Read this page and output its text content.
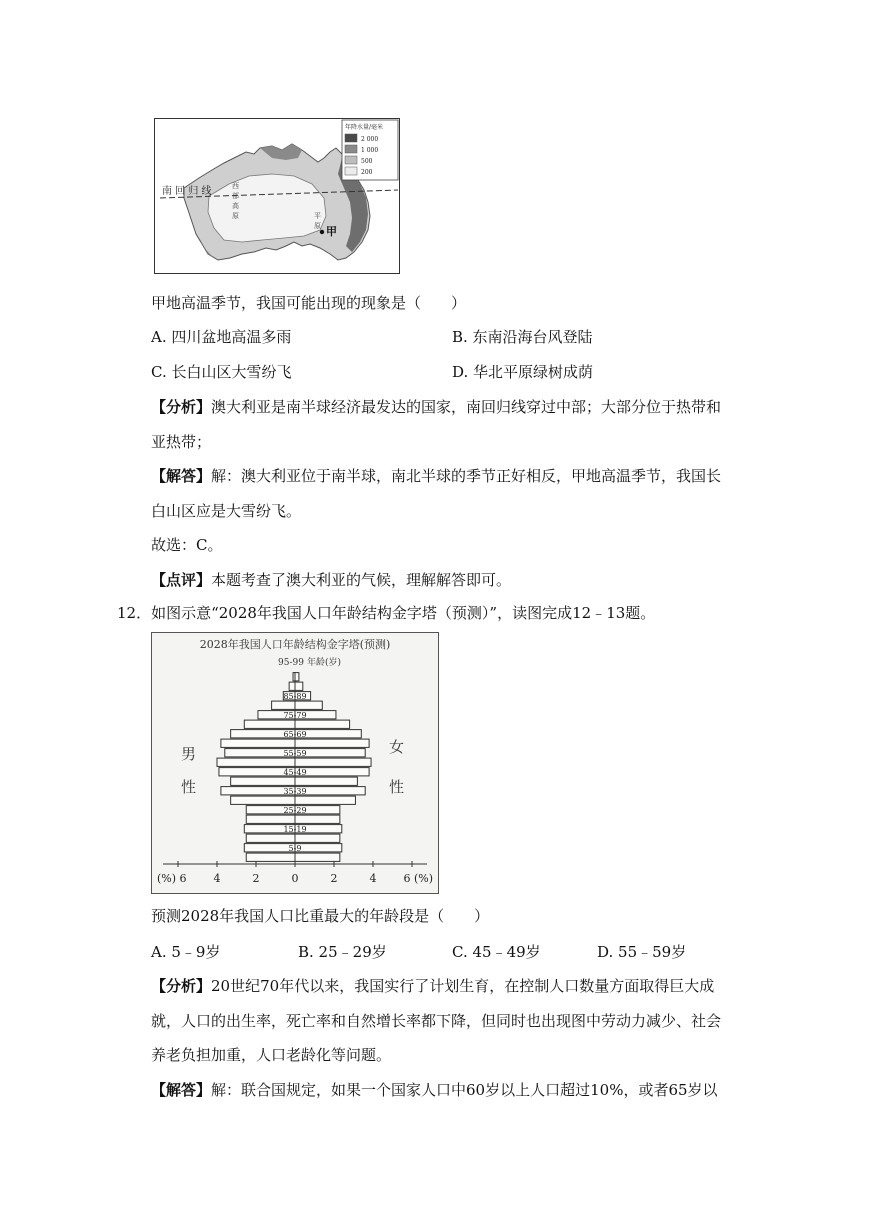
南 回 归 线	西
部
高
原	平
原 甲
年降水量/毫米
2 000
1 000
500
200
甲地高温季节，我国可能出现的现象是（　　）
A. 四川盆地高温多雨	B. 东南沿海台风登陆
C. 长白山区大雪纷飞	D. 华北平原绿树成荫
【分析】澳大利亚是南半球经济最发达的国家，南回归线穿过中部；大部分位于热带和
亚热带；
【解答】解：澳大利亚位于南半球，南北半球的季节正好相反，甲地高温季节，我国长
白山区应是大雪纷飞。
故选：C。
【点评】本题考查了澳大利亚的气候，理解解答即可。
12．如图示意“2028年我国人口年龄结构金字塔（预测）”，读图完成12﹣13题。
2028年我国人口年龄结构金字塔(预测)
95-99 年龄(岁)
男
性
女
性
5-9
15-19
25-29
35-39
45-49
55-59
65-69
75-79
85-89
(%) 6 4	2	0	2	4 6 (%)
预测2028年我国人口比重最大的年龄段是（　　）
A. 5﹣9岁	B. 25﹣29岁	C. 45﹣49岁	D. 55﹣59岁
【分析】20世纪70年代以来，我国实行了计划生育，在控制人口数量方面取得巨大成
就，人口的出生率，死亡率和自然增长率都下降，但同时也出现图中劳动力减少、社会
养老负担加重，人口老龄化等问题。
【解答】解：联合国规定，如果一个国家人口中60岁以上人口超过10%，或者65岁以
